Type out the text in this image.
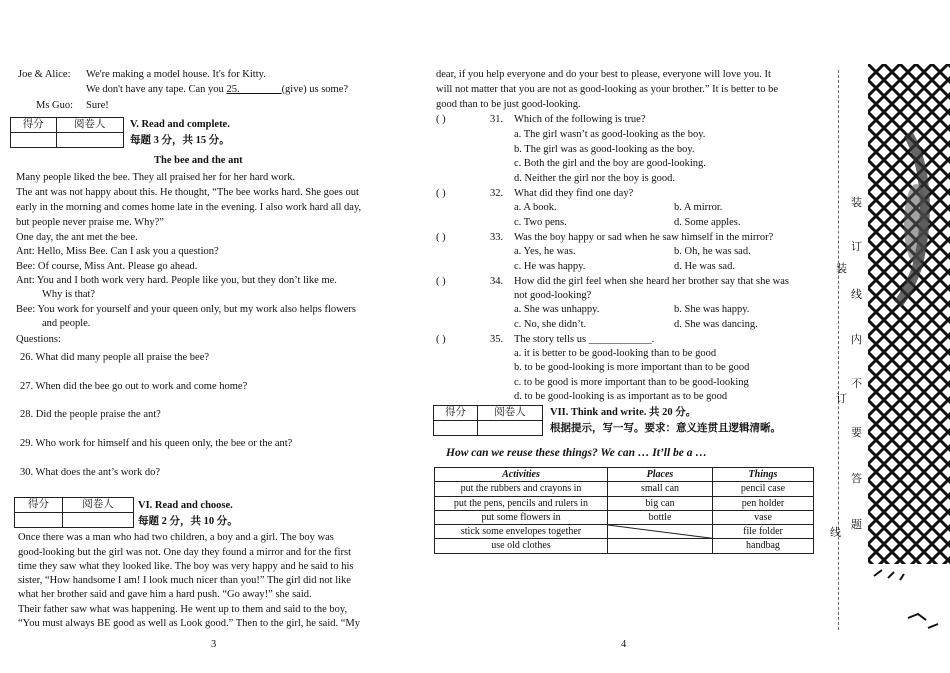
Joe & Alice: We're making a model house. It's for Kitty.
We don't have any tape. Can you 25.________(give) us some?
Ms Guo: Sure!
得分	阅卷人
	V. Read and complete.
每题 3 分，共 15 分。
The bee and the ant
Many people liked the bee. They all praised her for her hard work.
The ant was not happy about this. He thought, “The bee works hard. She goes out
early in the morning and comes home late in the evening. I also work hard all day,
but people never praise me. Why?”
One day, the ant met the bee.
Ant: Hello, Miss Bee. Can I ask you a question?
Bee: Of course, Miss Ant. Please go ahead.
Ant: You and I both work very hard. People like you, but they don’t like me.
Why is that?
Bee: You work for yourself and your queen only, but my work also helps flowers
and people.
Questions:
26. What did many people all praise the bee?
27. When did the bee go out to work and come home?
28. Did the people praise the ant?
29. Who work for himself and his queen only, the bee or the ant?
30. What does the ant’s work do?
得分	阅卷人
	VI. Read and choose.
每题 2 分，共 10 分。
Once there was a man who had two children, a boy and a girl. The boy was
good-looking but the girl was not. One day they found a mirror and for the first
time they saw what they looked like. The boy was very happy and he said to his
sister, “How handsome I am! I look much nicer than you!” The girl did not like
what her brother said and gave him a hard push. “Go away!” she said.
Their father saw what was happening. He went up to them and said to the boy,
“You must always BE good as well as Look good.” Then to the girl, he said. “My
3
dear, if you help everyone and do your best to please, everyone will love you. It
will not matter that you are not as good-looking as your brother.” It is better to be
good than to be just good-looking.
( )	31. Which of the following is true?
a. The girl wasn’t as good-looking as the boy.
b. The girl was as good-looking as the boy.
c. Both the girl and the boy are good-looking.
d. Neither the girl nor the boy is good.
( )	32. What did they find one day?
a. A book.	b. A mirror.
c. Two pens.	d. Some apples.
( )	33. Was the boy happy or sad when he saw himself in the mirror?
a. Yes, he was.	b. Oh, he was sad.
c. He was happy.	d. He was sad.
( )	34. How did the girl feel when she heard her brother say that she was
not good-looking?
a. She was unhappy.	b. She was happy.
c. No, she didn’t.	d. She was dancing.
( )	35. The story tells us ____________.
a. it is better to be good-looking than to be good
b. to be good-looking is more important than to be good
c. to be good is more important than to be good-looking
d. to be good-looking is as important as to be good
得分	阅卷人
	VII. Think and write. 共 20 分。
根据提示，写一写。要求：意义连贯且逻辑清晰。
How can we reuse these things? We can … It’ll be a …
Activities	Places	Things
put the rubbers and crayons in	small can	pencil case
put the pens, pencils and rulers in	big can	pen holder
put some flowers in	bottle	vase
stick some envelopes together		file folder
use old clothes		handbag
4
装
订
装
线
内
不
订
要
答
题
线
